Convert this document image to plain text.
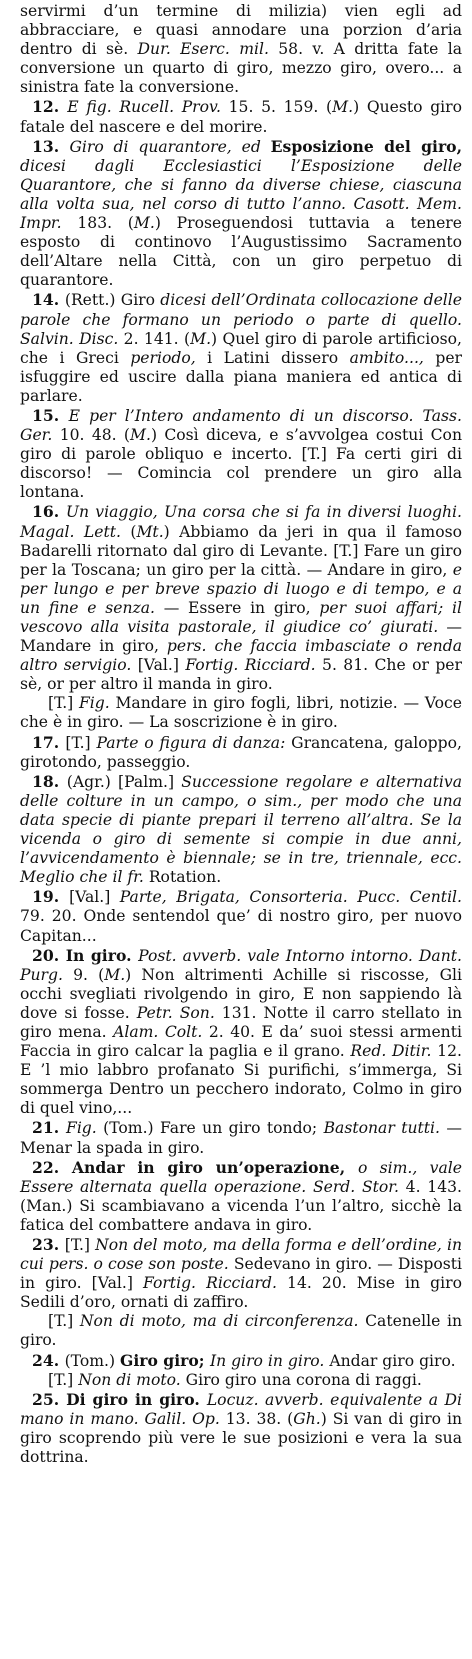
servirmi d’un termine di milizia) vien egli ad abbracciare, e quasi annodare una porzion d’aria dentro di sè. Dur. Eserc. mil. 58. v. A dritta fate la conversione un quarto di giro, mezzo giro, overo... a sinistra fate la conversione.

12. E fig. Rucell. Prov. 15. 5. 159. (M.) Questo giro fatale del nascere e del morire.

13. Giro di quarantore, ed Esposizione del giro, dicesi dagli Ecclesiastici l’Esposizione delle Quarantore, che si fanno da diverse chiese, ciascuna alla volta sua, nel corso di tutto l’anno. Casott. Mem. Impr. 183. (M.) Proseguendosi tuttavia a tenere esposto di continovo l’Augustissimo Sacramento dell’Altare nella Città, con un giro perpetuo di quarantore.

14. (Rett.) Giro dicesi dell’Ordinata collocazione delle parole che formano un periodo o parte di quello. Salvin. Disc. 2. 141. (M.) Quel giro di parole artificioso, che i Greci periodo, i Latini dissero ambito..., per isfuggire ed uscire dalla piana maniera ed antica di parlare.

15. E per l’Intero andamento di un discorso. Tass. Ger. 10. 48. (M.) Così diceva, e s’avvolgea costui Con giro di parole obliquo e incerto. [T.] Fa certi giri di discorso! — Comincia col prendere un giro alla lontana.

16. Un viaggio, Una corsa che si fa in diversi luoghi. Magal. Lett. (Mt.) Abbiamo da jeri in qua il famoso Badarelli ritornato dal giro di Levante. [T.] Fare un giro per la Toscana; un giro per la città. — Andare in giro, e per lungo e per breve spazio di luogo e di tempo, e a un fine e senza. — Essere in giro, per suoi affari; il vescovo alla visita pastorale, il giudice co’ giurati. — Mandare in giro, pers. che faccia imbasciate o renda altro servigio. [Val.] Fortig. Ricciard. 5. 81. Che or per sè, or per altro il manda in giro.

[T.] Fig. Mandare in giro fogli, libri, notizie. — Voce che è in giro. — La soscrizione è in giro.

17. [T.] Parte o figura di danza: Grancatena, galoppo, girotondo, passeggio.

18. (Agr.) [Palm.] Successione regolare e alternativa delle colture in un campo, o sim., per modo che una data specie di piante prepari il terreno all’altra. Se la vicenda o giro di semente si compie in due anni, l’avvicendamento è biennale; se in tre, triennale, ecc. Meglio che il fr. Rotation.

19. [Val.] Parte, Brigata, Consorteria. Pucc. Centil. 79. 20. Onde sentendol que’ di nostro giro, per nuovo Capitan...

20. In giro. Post. avverb. vale Intorno intorno. Dant. Purg. 9. (M.) Non altrimenti Achille si riscosse, Gli occhi svegliati rivolgendo in giro, E non sappiendo là dove si fosse. Petr. Son. 131. Notte il carro stellato in giro mena. Alam. Colt. 2. 40. E da’ suoi stessi armenti Faccia in giro calcar la paglia e il grano. Red. Ditir. 12. E ’l mio labbro profanato Si purifichi, s’immerga, Si sommerga Dentro un pecchero indorato, Colmo in giro di quel vino,...

21. Fig. (Tom.) Fare un giro tondo; Bastonar tutti. — Menar la spada in giro.

22. Andar in giro un’operazione, o sim., vale Essere alternata quella operazione. Serd. Stor. 4. 143. (Man.) Si scambiavano a vicenda l’un l’altro, sicchè la fatica del combattere andava in giro.

23. [T.] Non del moto, ma della forma e dell’ordine, in cui pers. o cose son poste. Sedevano in giro. — Disposti in giro. [Val.] Fortig. Ricciard. 14. 20. Mise in giro Sedili d’oro, ornati di zaffiro.

[T.] Non di moto, ma di circonferenza. Catenelle in giro.

24. (Tom.) Giro giro; In giro in giro. Andar giro giro.

[T.] Non di moto. Giro giro una corona di raggi.

25. Di giro in giro. Locuz. avverb. equivalente a Di mano in mano. Galil. Op. 13. 38. (Gh.) Si van di giro in giro scoprendo più vere le sue posizioni e vera la sua dottrina.
